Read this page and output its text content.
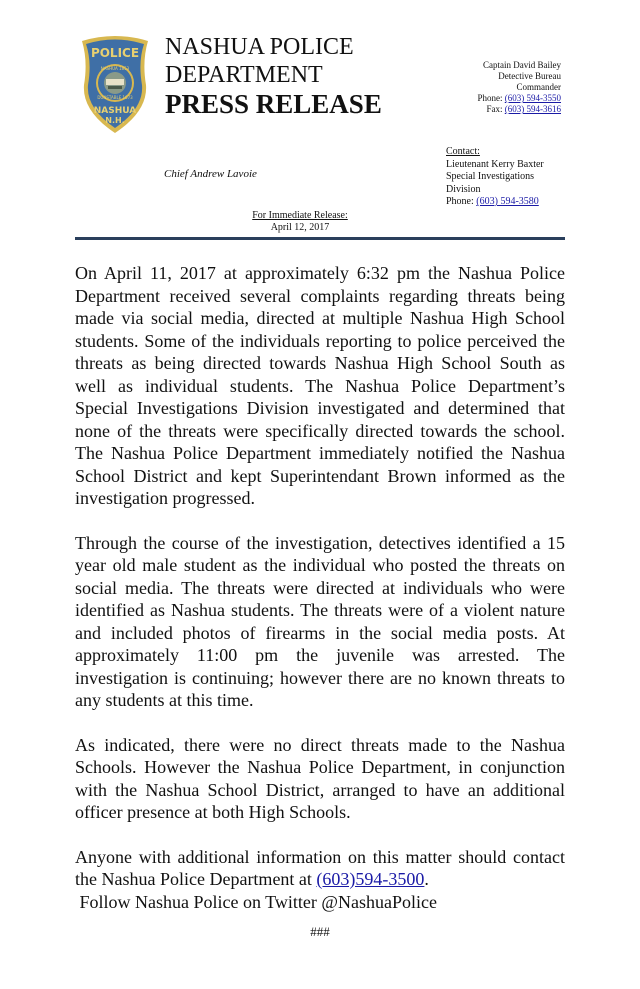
POLICE
NASHUA 1853
DUNSTABLE 1673
NASHUA
N.H.
NASHUA POLICE
DEPARTMENT
PRESS RELEASE
Captain David Bailey
Detective Bureau
Commander
Phone: (603) 594-3550
Fax: (603) 594-3616
Chief Andrew Lavoie
Contact:
Lieutenant Kerry Baxter
Special Investigations
Division
Phone: (603) 594-3580
For Immediate Release:
April 12, 2017

On April 11, 2017 at approximately 6:32 pm the Nashua Police Department received several complaints regarding threats being made via social media, directed at multiple Nashua High School students. Some of the individuals reporting to police perceived the threats as being directed towards Nashua High School South as well as individual students. The Nashua Police Department’s Special Investigations Division investigated and determined that none of the threats were specifically directed towards the school. The Nashua Police Department immediately notified the Nashua School District and kept Superintendant Brown informed as the investigation progressed.

Through the course of the investigation, detectives identified a 15 year old male student as the individual who posted the threats on social media. The threats were directed at individuals who were identified as Nashua students. The threats were of a violent nature and included photos of firearms in the social media posts. At approximately 11:00 pm the juvenile was arrested. The investigation is continuing; however there are no known threats to any students at this time.

As indicated, there were no direct threats made to the Nashua Schools. However the Nashua Police Department, in conjunction with the Nashua School District, arranged to have an additional officer presence at both High Schools.

Anyone with additional information on this matter should contact the Nashua Police Department at (603)594-3500.
Follow Nashua Police on Twitter @NashuaPolice

###
